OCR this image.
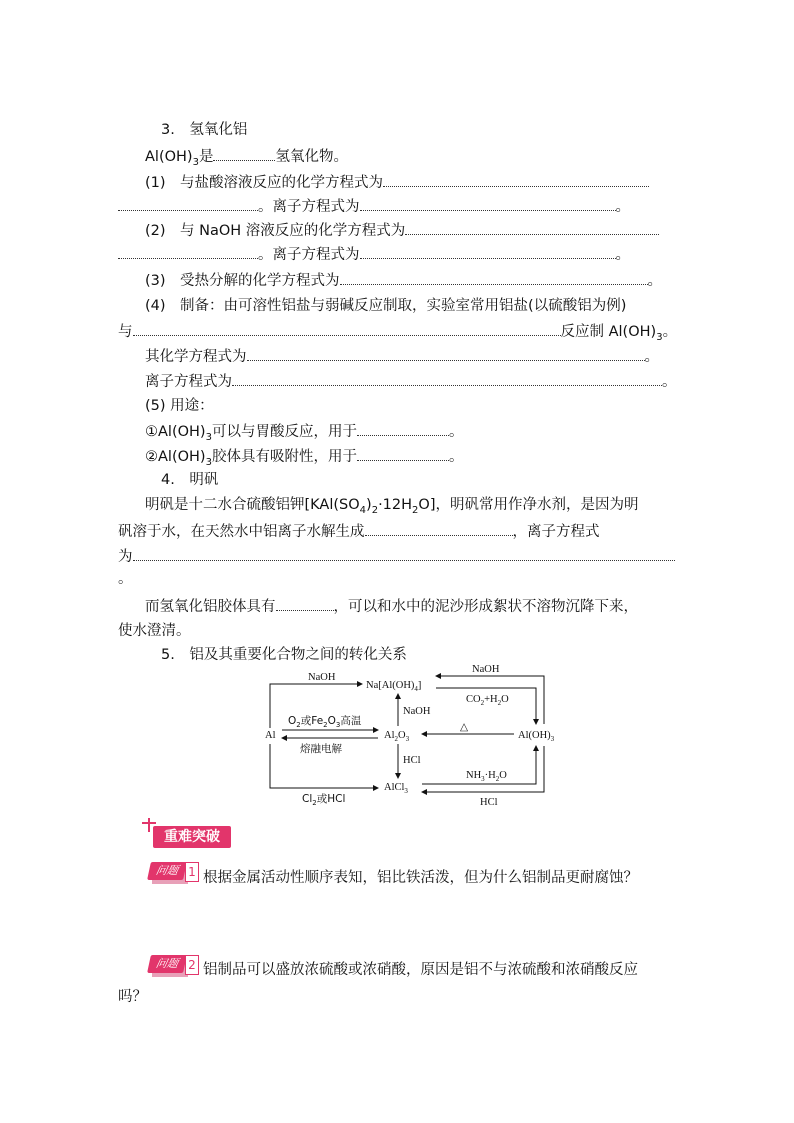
3.　氢氧化铝
$Al(OH)_3$是	氢氧化物。
(1)　与盐酸溶液反应的化学方程式为
。离子方程式为	。
(2)　与 NaOH 溶液反应的化学方程式为
。离子方程式为	。
(3)　受热分解的化学方程式为	。
(4)　制备：由可溶性铝盐与弱碱反应制取，实验室常用铝盐(以硫酸铝为例)
与	反应制 $Al(OH)_3$。
其化学方程式为	。
离子方程式为	。
(5) 用途：
$①Al(OH)_3$可以与胃酸反应，用于	。
$②Al(OH)_3$胶体具有吸附性，用于	。
4.　明矾
明矾是十二水合硫酸铝钾$[KAl(SO_4)_2\cdot 12H_2O]$，明矾常用作净水剂，是因为明
矾溶于水，在天然水中铝离子水解生成	，离子方程式
为
。
而氢氧化铝胶体具有	，可以和水中的泥沙形成絮状不溶物沉降下来，
使水澄清。
5.　铝及其重要化合物之间的转化关系
NaOH
$Na[Al(OH)_4]$
NaOH
$CO_2+H_2O$
NaOH
Al
$O_2$或$Fe_2O_3$高温
熔融电解
$Al_2O_3$
△
$Al(OH)_3$
HCl
AlCl$_3$
$NH_3\cdot H_2O$
HCl
$Cl_2$或HCl
重难突破
问题 1 根据金属活动性顺序表知，铝比铁活泼，但为什么铝制品更耐腐蚀？
问题 2 铝制品可以盛放浓硫酸或浓硝酸，原因是铝不与浓硫酸和浓硝酸反应
吗？
